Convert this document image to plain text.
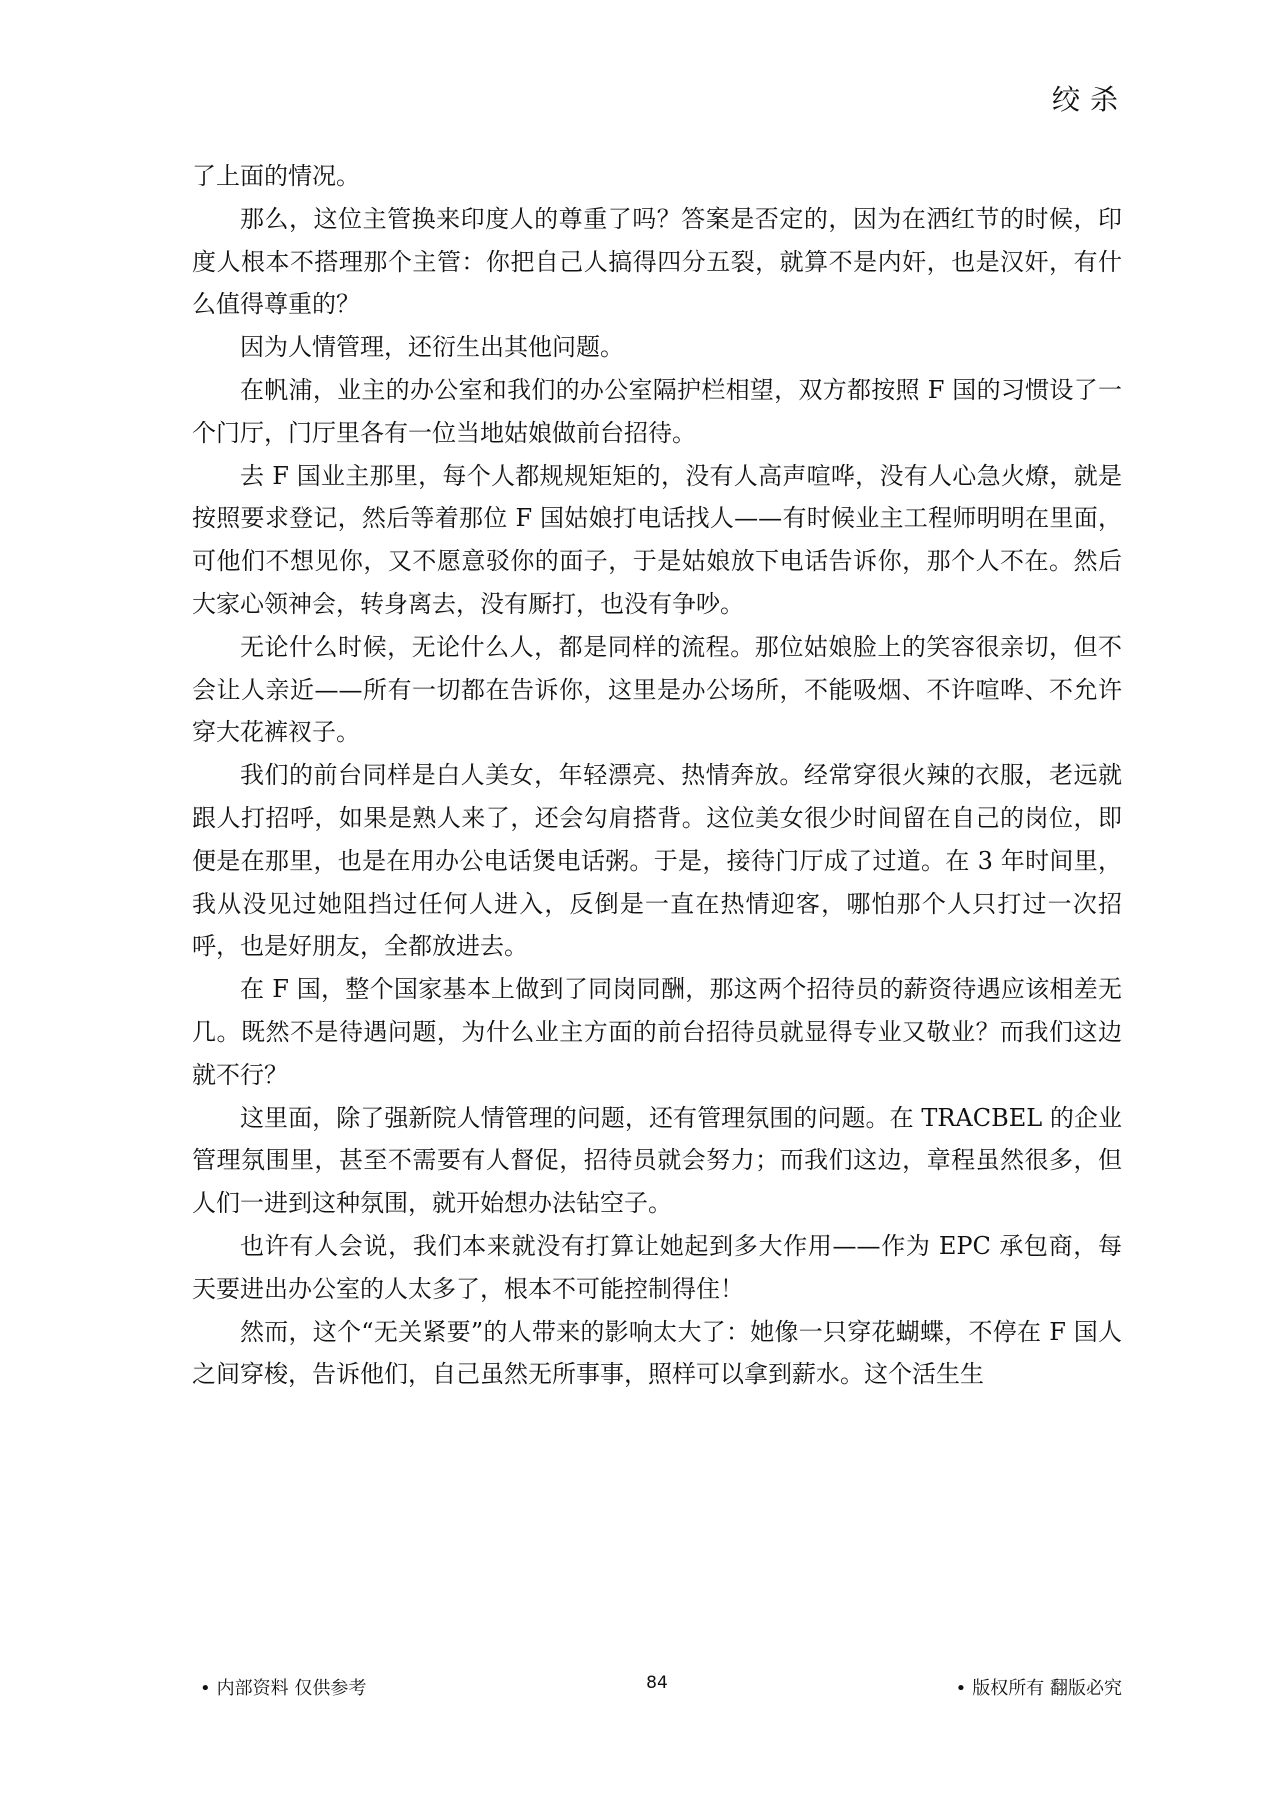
绞杀

了上面的情况。

那么，这位主管换来印度人的尊重了吗？答案是否定的，因为在洒红节的时候，印度人根本不搭理那个主管：你把自己人搞得四分五裂，就算不是内奸，也是汉奸，有什么值得尊重的？

因为人情管理，还衍生出其他问题。

在帆浦，业主的办公室和我们的办公室隔护栏相望，双方都按照 F 国的习惯设了一个门厅，门厅里各有一位当地姑娘做前台招待。

去 F 国业主那里，每个人都规规矩矩的，没有人高声喧哗，没有人心急火燎，就是按照要求登记，然后等着那位 F 国姑娘打电话找人——有时候业主工程师明明在里面，可他们不想见你，又不愿意驳你的面子，于是姑娘放下电话告诉你，那个人不在。然后大家心领神会，转身离去，没有厮打，也没有争吵。

无论什么时候，无论什么人，都是同样的流程。那位姑娘脸上的笑容很亲切，但不会让人亲近——所有一切都在告诉你，这里是办公场所，不能吸烟、不许喧哗、不允许穿大花裤衩子。

我们的前台同样是白人美女，年轻漂亮、热情奔放。经常穿很火辣的衣服，老远就跟人打招呼，如果是熟人来了，还会勾肩搭背。这位美女很少时间留在自己的岗位，即便是在那里，也是在用办公电话煲电话粥。于是，接待门厅成了过道。在 3 年时间里，我从没见过她阻挡过任何人进入，反倒是一直在热情迎客，哪怕那个人只打过一次招呼，也是好朋友，全都放进去。

在 F 国，整个国家基本上做到了同岗同酬，那这两个招待员的薪资待遇应该相差无几。既然不是待遇问题，为什么业主方面的前台招待员就显得专业又敬业？而我们这边就不行？

这里面，除了强新院人情管理的问题，还有管理氛围的问题。在 TRACBEL 的企业管理氛围里，甚至不需要有人督促，招待员就会努力；而我们这边，章程虽然很多，但人们一进到这种氛围，就开始想办法钻空子。

也许有人会说，我们本来就没有打算让她起到多大作用——作为 EPC 承包商，每天要进出办公室的人太多了，根本不可能控制得住！

然而，这个“无关紧要”的人带来的影响太大了：她像一只穿花蝴蝶，不停在 F 国人之间穿梭，告诉他们，自己虽然无所事事，照样可以拿到薪水。这个活生生

• 内部资料 仅供参考	84	• 版权所有 翻版必究
